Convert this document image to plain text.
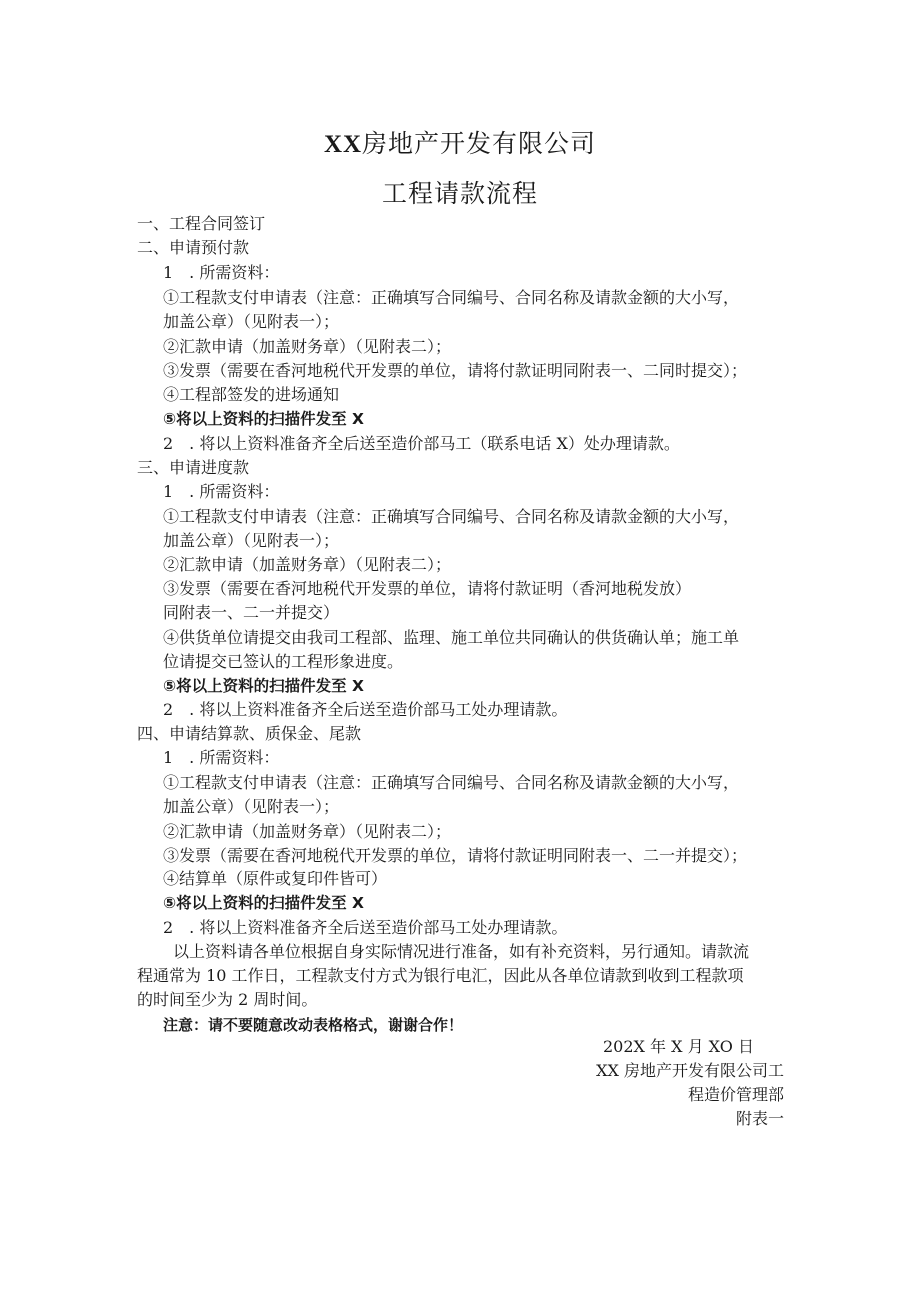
XX房地产开发有限公司
工程请款流程
一、工程合同签订
二、申请预付款
1　. 所需资料：
①工程款支付申请表（注意：正确填写合同编号、合同名称及请款金额的大小写，
加盖公章）（见附表一）；
②汇款申请（加盖财务章）（见附表二）；
③发票（需要在香河地税代开发票的单位，请将付款证明同附表一、二同时提交）；
④工程部签发的进场通知
⑤将以上资料的扫描件发至 X
2　. 将以上资料准备齐全后送至造价部马工（联系电话 X）处办理请款。
三、申请进度款
1　. 所需资料：
①工程款支付申请表（注意：正确填写合同编号、合同名称及请款金额的大小写，
加盖公章）（见附表一）；
②汇款申请（加盖财务章）（见附表二）；
③发票（需要在香河地税代开发票的单位，请将付款证明（香河地税发放）
同附表一、二一并提交）
④供货单位请提交由我司工程部、监理、施工单位共同确认的供货确认单；施工单
位请提交已签认的工程形象进度。
⑤将以上资料的扫描件发至 X
2　. 将以上资料准备齐全后送至造价部马工处办理请款。
四、申请结算款、质保金、尾款
1　. 所需资料：
①工程款支付申请表（注意：正确填写合同编号、合同名称及请款金额的大小写，
加盖公章）（见附表一）；
②汇款申请（加盖财务章）（见附表二）；
③发票（需要在香河地税代开发票的单位，请将付款证明同附表一、二一并提交）；
④结算单（原件或复印件皆可）
⑤将以上资料的扫描件发至 X
2　. 将以上资料准备齐全后送至造价部马工处办理请款。
以上资料请各单位根据自身实际情况进行准备，如有补充资料，另行通知。请款流
程通常为 10 工作日，工程款支付方式为银行电汇，因此从各单位请款到收到工程款项
的时间至少为 2 周时间。
注意：请不要随意改动表格格式，谢谢合作！
202X 年 X 月 XO 日
XX 房地产开发有限公司工
程造价管理部
附表一
